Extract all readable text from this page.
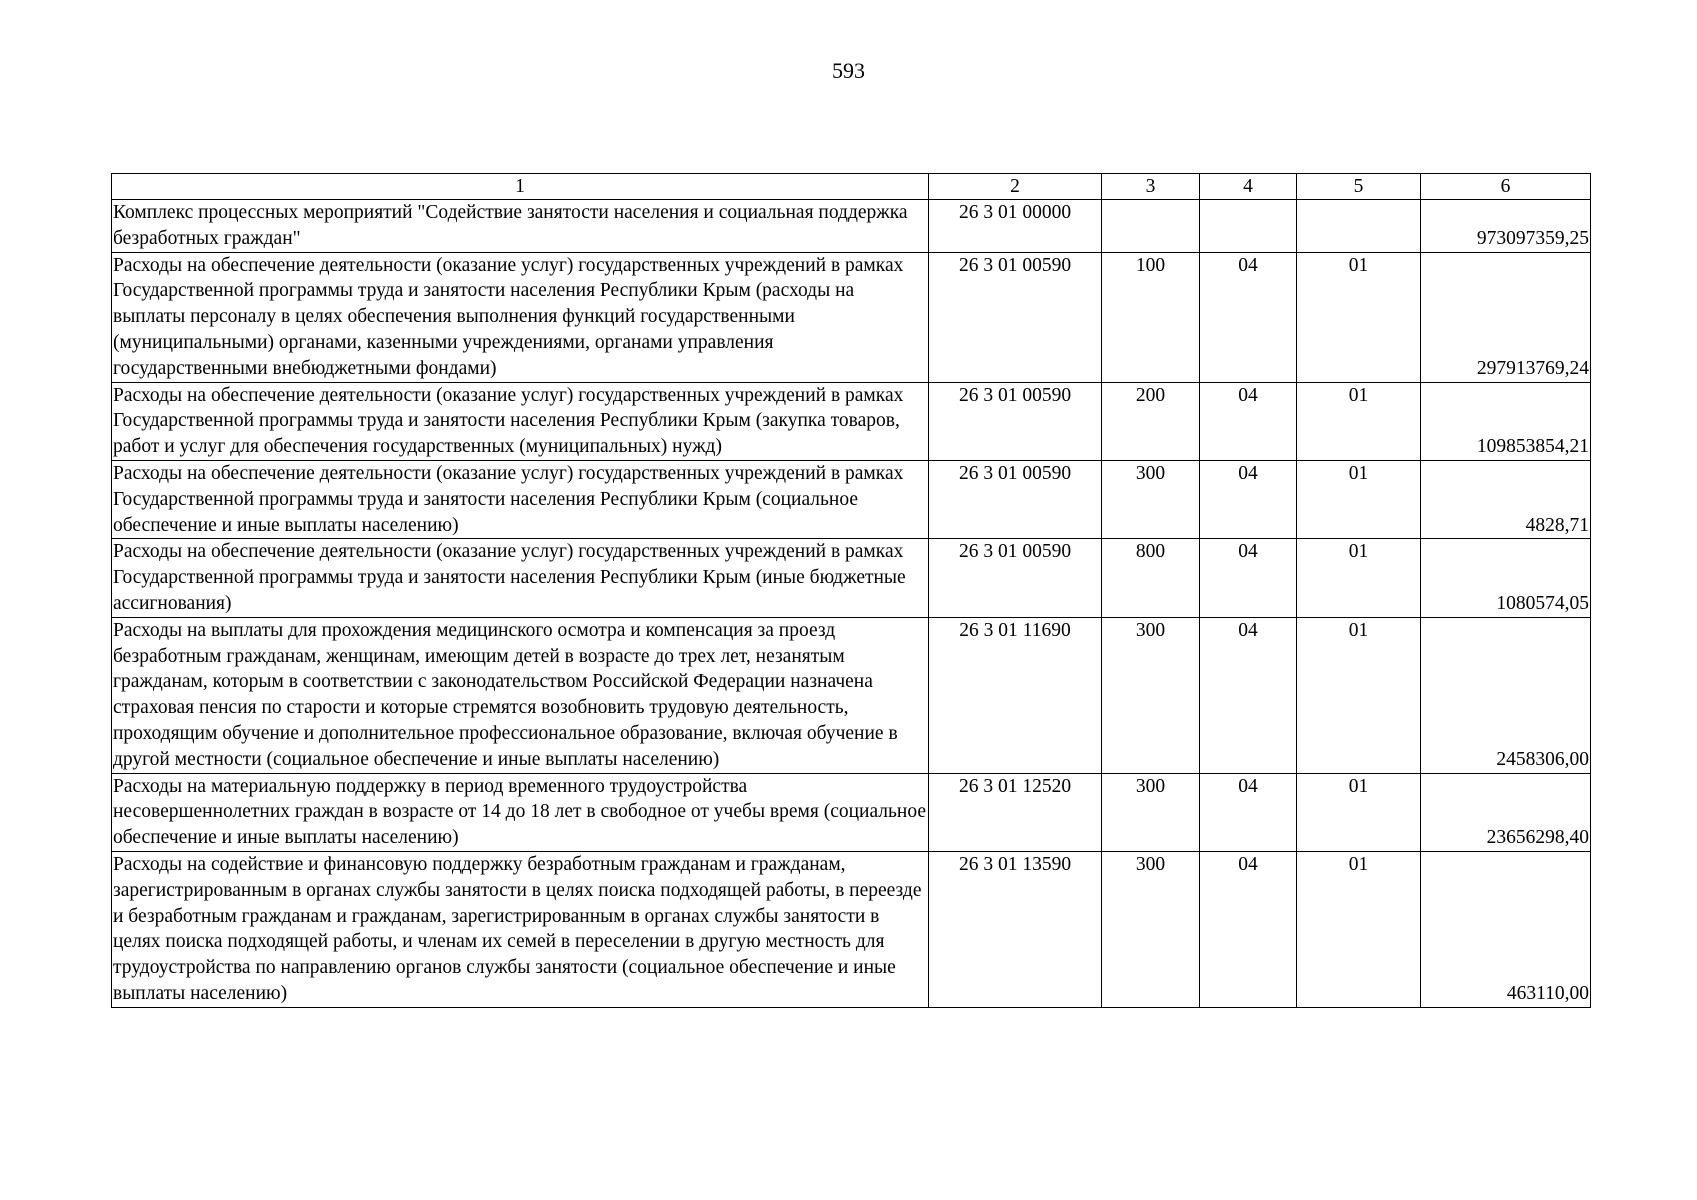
593
1	2	3	4	5	6
Комплекс процессных мероприятий "Содействие занятости населения и социальная поддержка безработных граждан"	26 3 01 00000				973097359,25
Расходы на обеспечение деятельности (оказание услуг) государственных учреждений в рамках Государственной программы труда и занятости населения Республики Крым (расходы на выплаты персоналу в целях обеспечения выполнения функций государственными (муниципальными) органами, казенными учреждениями, органами управления государственными внебюджетными фондами)	26 3 01 00590	100	04	01	297913769,24
Расходы на обеспечение деятельности (оказание услуг) государственных учреждений в рамках Государственной программы труда и занятости населения Республики Крым (закупка товаров, работ и услуг для обеспечения государственных (муниципальных) нужд)	26 3 01 00590	200	04	01	109853854,21
Расходы на обеспечение деятельности (оказание услуг) государственных учреждений в рамках Государственной программы труда и занятости населения Республики Крым (социальное обеспечение и иные выплаты населению)	26 3 01 00590	300	04	01	4828,71
Расходы на обеспечение деятельности (оказание услуг) государственных учреждений в рамках Государственной программы труда и занятости населения Республики Крым (иные бюджетные ассигнования)	26 3 01 00590	800	04	01	1080574,05
Расходы на выплаты для прохождения медицинского осмотра и компенсация за проезд безработным гражданам, женщинам, имеющим детей в возрасте до трех лет, незанятым гражданам, которым в соответствии с законодательством Российской Федерации назначена страховая пенсия по старости и которые стремятся возобновить трудовую деятельность, проходящим обучение и дополнительное профессиональное образование, включая обучение в другой местности (социальное обеспечение и иные выплаты населению)	26 3 01 11690	300	04	01	2458306,00
Расходы на материальную поддержку в период временного трудоустройства несовершеннолетних граждан в возрасте от 14 до 18 лет в свободное от учебы время (социальное обеспечение и иные выплаты населению)	26 3 01 12520	300	04	01	23656298,40
Расходы на содействие и финансовую поддержку безработным гражданам и гражданам, зарегистрированным в органах службы занятости в целях поиска подходящей работы, в переезде и безработным гражданам и гражданам, зарегистрированным в органах службы занятости в целях поиска подходящей работы, и членам их семей в переселении в другую местность для трудоустройства по направлению органов службы занятости (социальное обеспечение и иные выплаты населению)	26 3 01 13590	300	04	01	463110,00
